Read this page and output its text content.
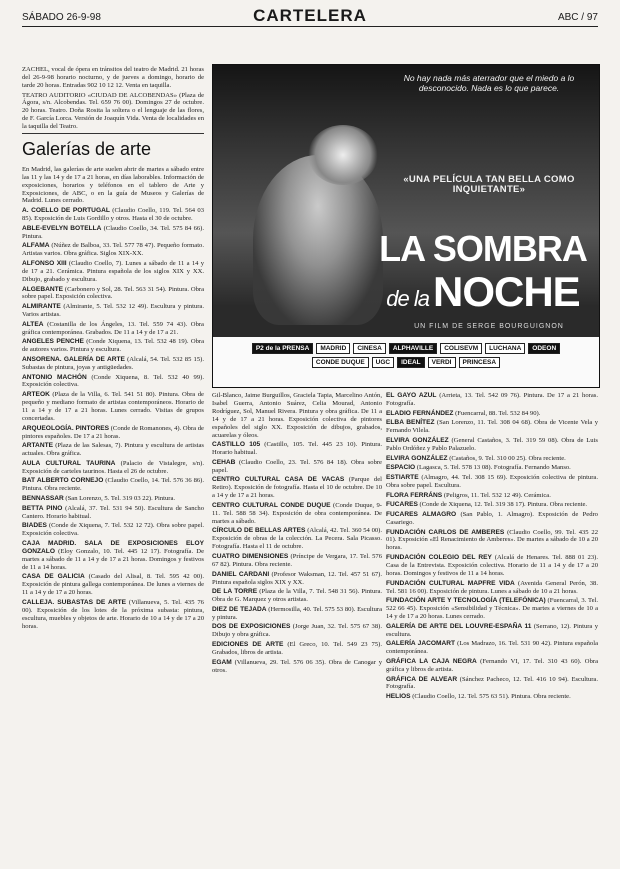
SÁBADO 26-9-98	CARTELERA	ABC / 97

ZACHEL, vocal de ópera en tránsitos del teatro de Madrid. 21 horas del 26-9-98 horario nocturno, y de jueves a domingo, horario de tarde 20 horas. Entradas 902 10 12 12. Venta en taquilla.

TEATRO AUDITORIO «CIUDAD DE ALCOBENDAS» (Plaza de Ágora, s/n. Alcobendas. Tel. 659 76 00). Domingos 27 de octubre. 20 horas. Teatro. Doña Rosita la soltera o el lenguaje de las flores, de F. García Lorca. Versión de Joaquín Vida. Venta de localidades en la taquilla del Teatro.

Galerías de arte

En Madrid, las galerías de arte suelen abrir de martes a sábado entre las 11 y las 14 y de 17 a 21 horas, en días laborables. Información de exposiciones, horarios y teléfonos en el tablero de Arte y Exposiciones, de ABC, o en la guía de Museos y Galerías de Madrid. Lunes cerrado.

A. COELLO DE PORTUGAL (Claudio Coello, 119. Tel. 564 03 85). Exposición de Luis Gordillo y otros. Hasta el 30 de octubre.

ABLE-EVELYN BOTELLA (Claudio Coello, 34. Tel. 575 84 66). Pintura.

ALFAMA (Núñez de Balboa, 33. Tel. 577 78 47). Pequeño formato. Artistas varios. Obra gráfica. Siglos XIX-XX.

ALFONSO XIII (Claudio Coello, 7). Lunes a sábado de 11 a 14 y de 17 a 21. Cerámica. Pintura española de los siglos XIX y XX. Dibujo, grabado y escultura.

ALGEBANTE (Carbonero y Sol, 28. Tel. 563 31 54). Pintura. Obra sobre papel. Exposición colectiva.

ALMIRANTE (Almirante, 5. Tel. 532 12 49). Escultura y pintura. Varios artistas.

ALTEA (Costanilla de los Ángeles, 13. Tel. 559 74 43). Obra gráfica contemporánea. Grabados. De 11 a 14 y de 17 a 21.

ANGELES PENCHE (Conde Xiquena, 13. Tel. 532 48 19). Obra de autores varios. Pintura y escultura.

ANSORENA. GALERÍA DE ARTE (Alcalá, 54. Tel. 532 85 15). Subastas de pintura, joyas y antigüedades.

ANTONIO MACHÓN (Conde Xiquena, 8. Tel. 532 40 99). Exposición colectiva.

ARTEOK (Plaza de la Villa, 6. Tel. 541 51 80). Pintura. Obra de pequeño y mediano formato de artistas contemporáneos. Horario de 11 a 14 y de 17 a 21 horas. Lunes cerrado. Visitas de grupos concertadas.

ARQUEOLOGÍA. PINTORES (Conde de Romanones, 4). Obra de pintores españoles. De 17 a 21 horas.

ARTANTE (Plaza de las Salesas, 7). Pintura y escultura de artistas actuales. Obra gráfica.

AULA CULTURAL TAURINA (Palacio de Vistalegre, s/n). Exposición de carteles taurinos. Hasta el 26 de octubre.

BAT ALBERTO CORNEJO (Claudio Coello, 14. Tel. 576 36 86). Pintura. Obra reciente.

BENNASSAR (San Lorenzo, 5. Tel. 319 03 22). Pintura.

BETTA PINO (Alcalá, 37. Tel. 531 94 50). Escultura de Sancho Cantero. Horario habitual.

BIADES (Conde de Xiquena, 7. Tel. 532 12 72). Obra sobre papel. Exposición colectiva.

CAJA MADRID. SALA DE EXPOSICIONES ELOY GONZALO (Eloy Gonzalo, 10. Tel. 445 12 17). Fotografía. De martes a sábado de 11 a 14 y de 17 a 21 horas. Domingos y festivos de 11 a 14 horas.

CASA DE GALICIA (Casado del Alisal, 8. Tel. 595 42 00). Exposición de pintura gallega contemporánea. De lunes a viernes de 11 a 14 y de 17 a 20 horas.

CALLEJA. SUBASTAS DE ARTE (Villanueva, 5. Tel. 435 76 00). Exposición de los lotes de la próxima subasta: pintura, escultura, muebles y objetos de arte. Horario de 10 a 14 y de 17 a 20 horas.

No hay nada más aterrador que el miedo a lo desconocido. Nada es lo que parece.
«UNA PELÍCULA TAN BELLA COMO INQUIETANTE»
LA SOMBRA
de laNOCHE
UN FILM DE SERGE BOURGUIGNON
P2 de la PRENSA	MADRID	CINESA	ALPHAVILLE	COLISEVM	LUCHANA	ODEON
CONDE DUQUE	UGC	IDEAL	VERDI	PRINCESA

Gil-Blanco, Jaime Burguillos, Graciela Tapia, Marcelino Antón, Isabel Guerra, Antonio Suárez, Celia Mourad, Antonio Rodríguez, Sol, Manuel Rivera. Pintura y obra gráfica. De 11 a 14 y de 17 a 21 horas. Exposición colectiva de pintores españoles del siglo XX. Exposición de dibujos, grabados, acuarelas y óleos.

CASTILLO 105 (Castillo, 105. Tel. 445 23 10). Pintura. Horario habitual.

CEHAB (Claudio Coello, 23. Tel. 576 84 18). Obra sobre papel.

CENTRO CULTURAL CASA DE VACAS (Parque del Retiro). Exposición de fotografía. Hasta el 10 de octubre. De 10 a 14 y de 17 a 21 horas.

CENTRO CULTURAL CONDE DUQUE (Conde Duque, 9-11. Tel. 588 58 34). Exposición de obra contemporánea. De martes a sábado.

CÍRCULO DE BELLAS ARTES (Alcalá, 42. Tel. 360 54 00). Exposición de obras de la colección. La Pecera. Sala Picasso. Fotografía. Hasta el 11 de octubre.

CUATRO DIMENSIONES (Príncipe de Vergara, 17. Tel. 576 67 82). Pintura. Obra reciente.

DANIEL CARDANI (Profesor Waksman, 12. Tel. 457 51 67). Pintura española siglos XIX y XX.

DE LA TORRE (Plaza de la Villa, 7. Tel. 548 31 56). Pintura. Obra de G. Marquez y otros artistas.

DIEZ DE TEJADA (Hermosilla, 40. Tel. 575 53 80). Escultura y pintura.

DOS DE EXPOSICIONES (Jorge Juan, 32. Tel. 575 67 38). Dibujo y obra gráfica.

EDICIONES DE ARTE (El Greco, 10. Tel. 549 23 75). Grabados, libros de artista.

EGAM (Villanueva, 29. Tel. 576 06 35). Obra de Canogar y otros.

EL GAYO AZUL (Arrieta, 13. Tel. 542 09 76). Pintura. De 17 a 21 horas. Fotografía.

ELADIO FERNÁNDEZ (Fuencarral, 88. Tel. 532 84 90).

ELBA BENÍTEZ (San Lorenzo, 11. Tel. 308 04 68). Obra de Vicente Vela y Fernando Vilela.

ELVIRA GONZÁLEZ (General Castaños, 3. Tel. 319 59 08). Obra de Luis Pablo Ordóñez y Pablo Palazuelo.

ELVIRA GONZÁLEZ (Castaños, 9. Tel. 310 00 25). Obra reciente.

ESPACIO (Lagasca, 5. Tel. 578 13 08). Fotografía. Fernando Manso.

ESTIARTE (Almagro, 44. Tel. 308 15 69). Exposición colectiva de pintura. Obra sobre papel. Escultura.

FLORA FERRÁNS (Peligros, 11. Tel. 532 12 49). Cerámica.

FUCARES (Conde de Xiquena, 12. Tel. 319 38 17). Pintura. Obra reciente.

FUCARES ALMAGRO (San Pablo, 1. Almagro). Exposición de Pedro Casariego.

FUNDACIÓN CARLOS DE AMBERES (Claudio Coello, 99. Tel. 435 22 01). Exposición «El Renacimiento de Amberes». De martes a sábado de 10 a 20 horas.

FUNDACIÓN COLEGIO DEL REY (Alcalá de Henares. Tel. 888 01 23). Casa de la Entrevista. Exposición colectiva. Horario de 11 a 14 y de 17 a 20 horas. Domingos y festivos de 11 a 14 horas.

FUNDACIÓN CULTURAL MAPFRE VIDA (Avenida General Perón, 38. Tel. 581 16 00). Exposición de pintura. Lunes a sábado de 10 a 21 horas.

FUNDACIÓN ARTE Y TECNOLOGÍA (TELEFÓNICA) (Fuencarral, 3. Tel. 522 66 45). Exposición «Sensibilidad y Técnica». De martes a viernes de 10 a 14 y de 17 a 20 horas. Lunes cerrado.

GALERÍA DE ARTE DEL LOUVRE-ESPAÑA 11 (Serrano, 12). Pintura y escultura.

GALERÍA JACOMART (Los Madrazo, 16. Tel. 531 90 42). Pintura española contemporánea.

GRÁFICA LA CAJA NEGRA (Fernando VI, 17. Tel. 310 43 60). Obra gráfica y libros de artista.

GRÁFICA DE ALVEAR (Sánchez Pacheco, 12. Tel. 416 10 94). Escultura. Fotografía.

HELIOS (Claudio Coello, 12. Tel. 575 63 51). Pintura. Obra reciente.
